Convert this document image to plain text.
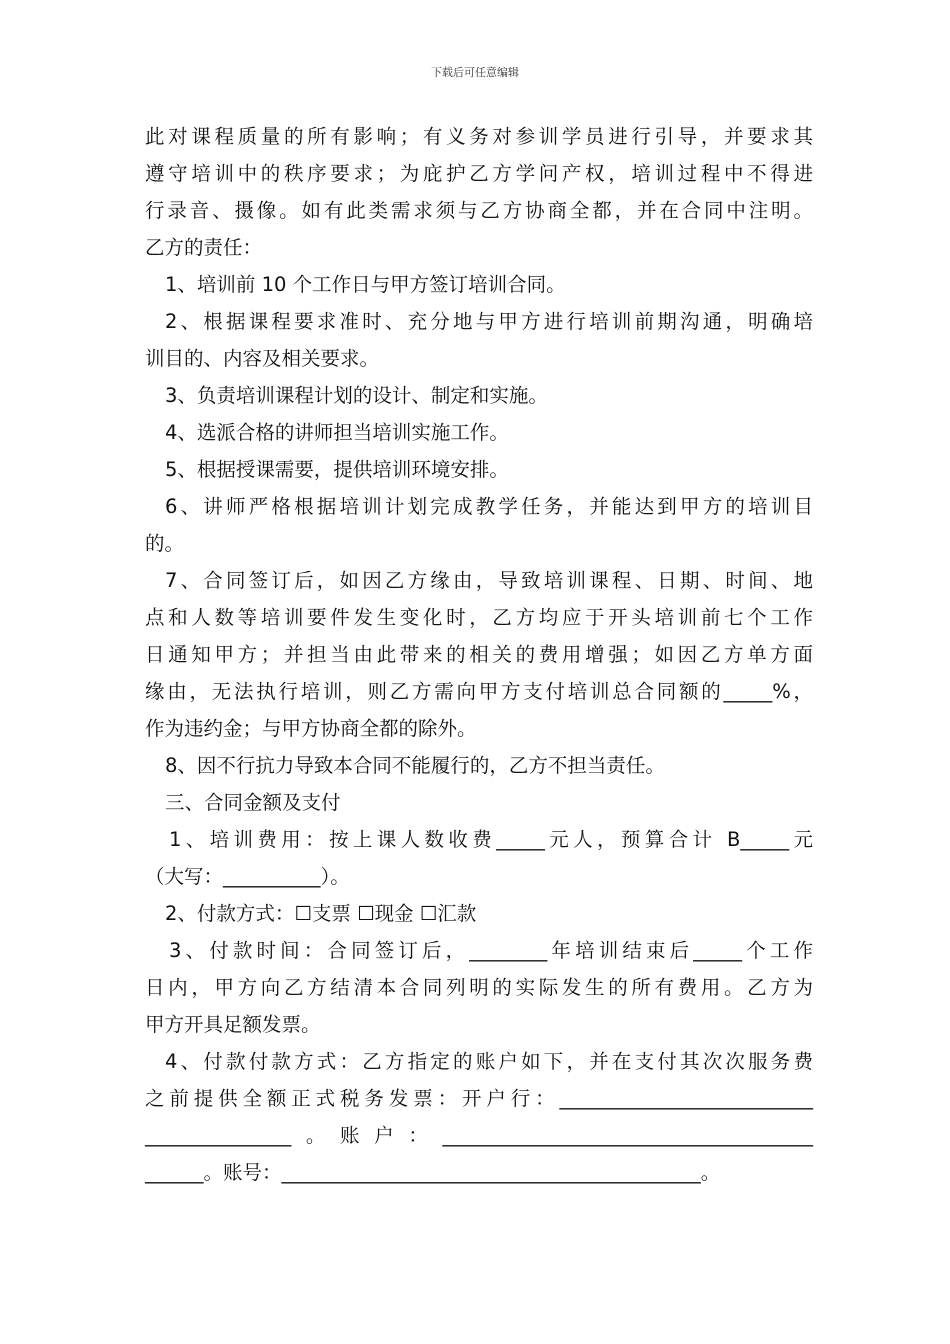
下载后可任意编辑
此对课程质量的所有影响；有义务对参训学员进行引导，并要求其
遵守培训中的秩序要求；为庇护乙方学问产权，培训过程中不得进
行录音、摄像。如有此类需求须与乙方协商全都，并在合同中注明。
乙方的责任：
1、培训前 10 个工作日与甲方签订培训合同。
2、根据课程要求准时、充分地与甲方进行培训前期沟通，明确培
训目的、内容及相关要求。
3、负责培训课程计划的设计、制定和实施。
4、选派合格的讲师担当培训实施工作。
5、根据授课需要，提供培训环境安排。
6、讲师严格根据培训计划完成教学任务，并能达到甲方的培训目
的。
7、合同签订后，如因乙方缘由，导致培训课程、日期、时间、地
点和人数等培训要件发生变化时，乙方均应于开头培训前七个工作
日通知甲方；并担当由此带来的相关的费用增强；如因乙方单方面
缘由，无法执行培训，则乙方需向甲方支付培训总合同额的_____%，
作为违约金；与甲方协商全都的除外。
8、因不行抗力导致本合同不能履行的，乙方不担当责任。
三、合同金额及支付
1、培训费用：按上课人数收费_____元人，预算合计 B_____元
（大写：__________）。
2、付款方式：☐支票 ☐现金 ☐汇款
3、付款时间：合同签订后，________年培训结束后_____个工作
日内，甲方向乙方结清本合同列明的实际发生的所有费用。乙方为
甲方开具足额发票。
4、付款付款方式：乙方指定的账户如下，并在支付其次次服务费
之前提供全额正式税务发票：开户行：__________________________
_______________。账户：______________________________________
______。账号：___________________________________________。
